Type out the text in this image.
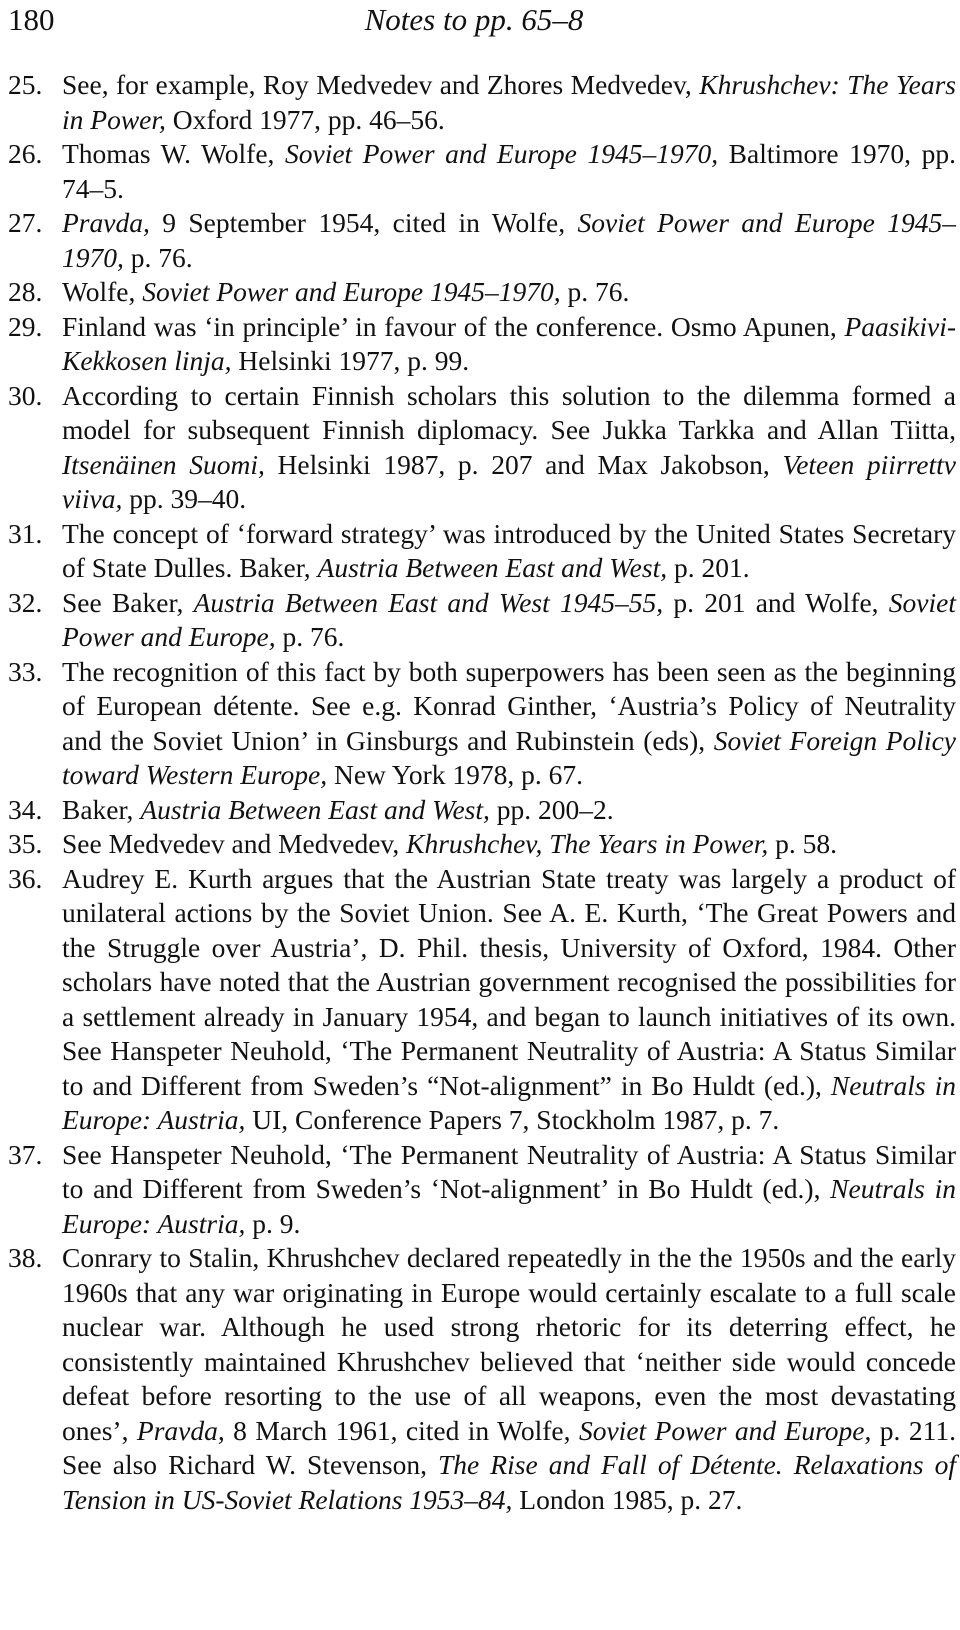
180	Notes to pp. 65–8
25. See, for example, Roy Medvedev and Zhores Medvedev, Khrushchev: The Years in Power, Oxford 1977, pp. 46–56.
26. Thomas W. Wolfe, Soviet Power and Europe 1945–1970, Baltimore 1970, pp. 74–5.
27. Pravda, 9 September 1954, cited in Wolfe, Soviet Power and Europe 1945–1970, p. 76.
28. Wolfe, Soviet Power and Europe 1945–1970, p. 76.
29. Finland was ‘in principle’ in favour of the conference. Osmo Apunen, Paasikivi-Kekkosen linja, Helsinki 1977, p. 99.
30. According to certain Finnish scholars this solution to the dilemma formed a model for subsequent Finnish diplomacy. See Jukka Tarkka and Allan Tiitta, Itsenäinen Suomi, Helsinki 1987, p. 207 and Max Jakobson, Veteen piirrettv viiva, pp. 39–40.
31. The concept of ‘forward strategy’ was introduced by the United States Secretary of State Dulles. Baker, Austria Between East and West, p. 201.
32. See Baker, Austria Between East and West 1945–55, p. 201 and Wolfe, Soviet Power and Europe, p. 76.
33. The recognition of this fact by both superpowers has been seen as the beginning of European détente. See e.g. Konrad Ginther, ‘Austria’s Policy of Neutrality and the Soviet Union’ in Ginsburgs and Rubinstein (eds), Soviet Foreign Policy toward Western Europe, New York 1978, p. 67.
34. Baker, Austria Between East and West, pp. 200–2.
35. See Medvedev and Medvedev, Khrushchev, The Years in Power, p. 58.
36. Audrey E. Kurth argues that the Austrian State treaty was largely a product of unilateral actions by the Soviet Union. See A. E. Kurth, ‘The Great Powers and the Struggle over Austria’, D. Phil. thesis, University of Oxford, 1984. Other scholars have noted that the Austrian government recognised the possibilities for a settlement already in January 1954, and began to launch initiatives of its own. See Hanspeter Neuhold, ‘The Permanent Neutrality of Austria: A Status Similar to and Different from Sweden’s “Not-alignment” in Bo Huldt (ed.), Neutrals in Europe: Austria, UI, Conference Papers 7, Stockholm 1987, p. 7.
37. See Hanspeter Neuhold, ‘The Permanent Neutrality of Austria: A Status Similar to and Different from Sweden’s ‘Not-alignment’ in Bo Huldt (ed.), Neutrals in Europe: Austria, p. 9.
38. Conrary to Stalin, Khrushchev declared repeatedly in the the 1950s and the early 1960s that any war originating in Europe would certainly escalate to a full scale nuclear war. Although he used strong rhetoric for its deterring effect, he consistently maintained Khrushchev believed that ‘neither side would concede defeat before resorting to the use of all weapons, even the most devastating ones’, Pravda, 8 March 1961, cited in Wolfe, Soviet Power and Europe, p. 211. See also Richard W. Stevenson, The Rise and Fall of Détente. Relaxations of Tension in US-Soviet Relations 1953–84, London 1985, p. 27.
